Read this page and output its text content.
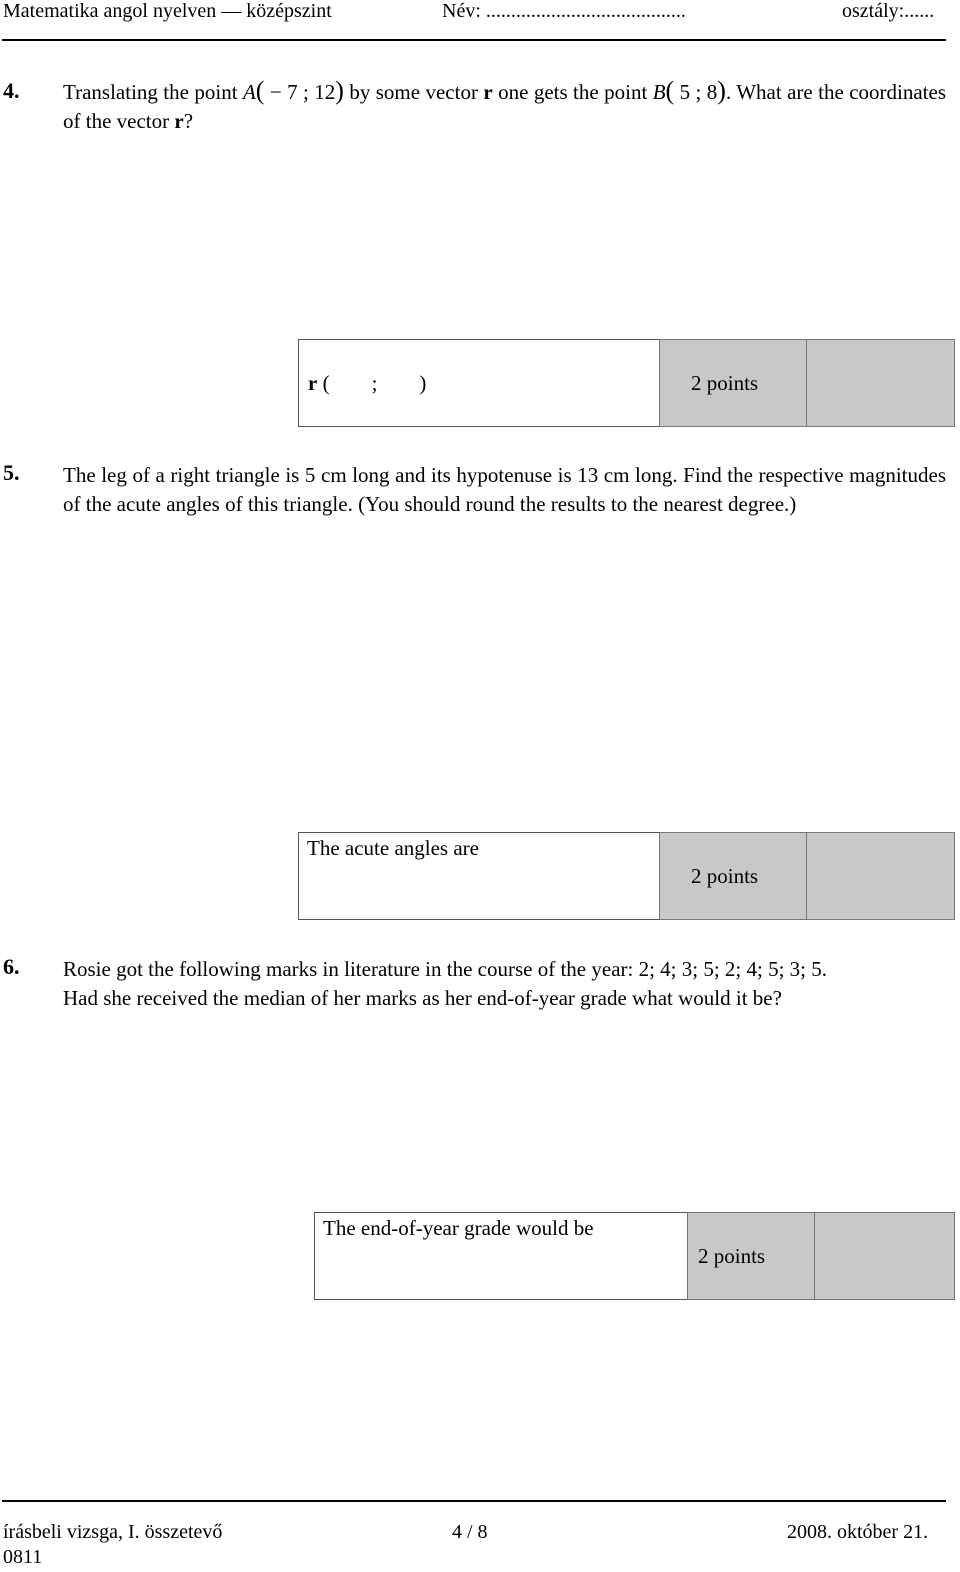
Matematika angol nyelven — középszint	Név: ........................................	osztály:......
4. Translating the point A( − 7 ; 12) by some vector r one gets the point B( 5 ; 8). What are the coordinates of the vector r?
r (        ;        )	2 points
5. The leg of a right triangle is 5 cm long and its hypotenuse is 13 cm long. Find the respective magnitudes of the acute angles of this triangle. (You should round the results to the nearest degree.)
The acute angles are
2 points
6. Rosie got the following marks in literature in the course of the year: 2; 4; 3; 5; 2; 4; 5; 3; 5.
Had she received the median of her marks as her end-of-year grade what would it be?
The end-of-year grade would be
2 points
írásbeli vizsga, I. összetevő
0811
4 / 8	2008. október 21.
